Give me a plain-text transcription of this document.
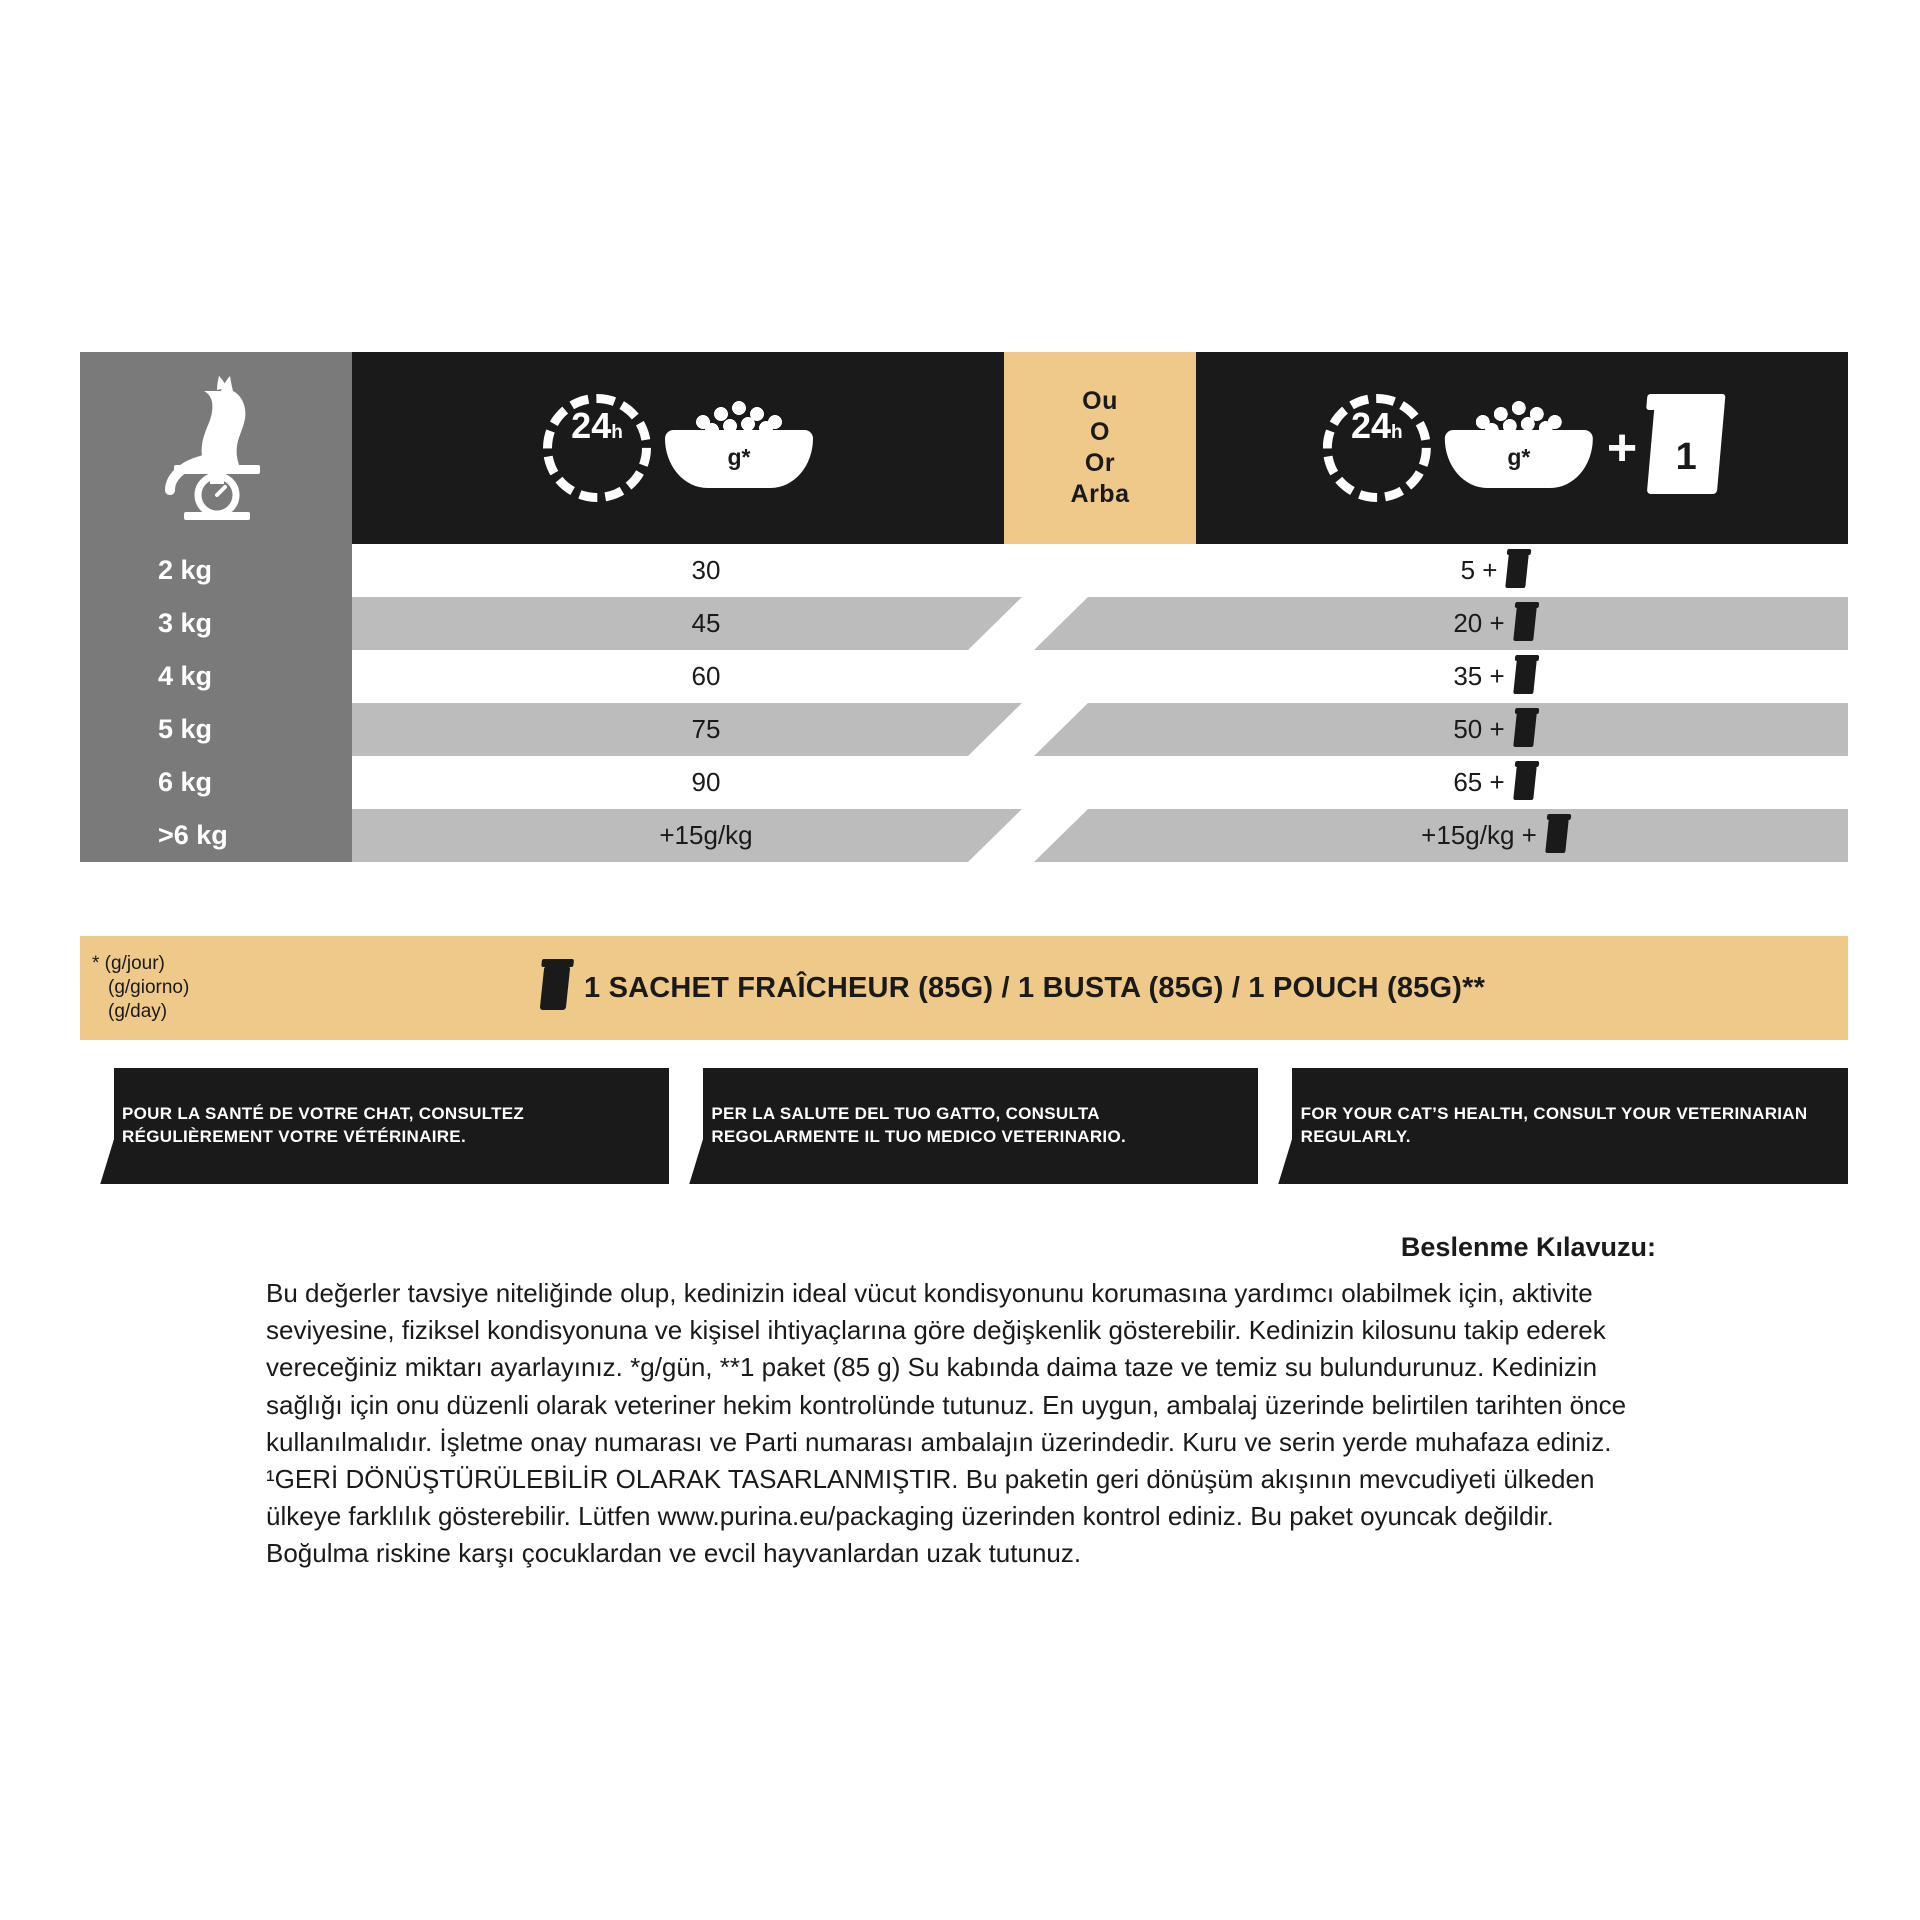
24 h
g*
Ou
O
Or
Arba
24 h
g*	+	1
2 kg	30	5 +
3 kg	45	20 +
4 kg	60	35 +
5 kg	75	50 +
6 kg	90	65 +
>6 kg	+15g/kg	+15g/kg +
* (g/jour)
(g/giorno)
(g/day)
1 SACHET FRAÎCHEUR (85G) / 1 BUSTA (85G) / 1 POUCH (85G)**
POUR LA SANTÉ DE VOTRE CHAT, CONSULTEZ RÉGULIÈREMENT VOTRE VÉTÉRINAIRE.
PER LA SALUTE DEL TUO GATTO, CONSULTA REGOLARMENTE IL TUO MEDICO VETERINARIO.
FOR YOUR CAT’S HEALTH, CONSULT YOUR VETERINARIAN REGULARLY.
Beslenme Kılavuzu:
Bu değerler tavsiye niteliğinde olup, kedinizin ideal vücut kondisyonunu korumasına yardımcı olabilmek için, aktivite seviyesine, fiziksel kondisyonuna ve kişisel ihtiyaçlarına göre değişkenlik gösterebilir. Kedinizin kilosunu takip ederek vereceğiniz miktarı ayarlayınız. *g/gün, **1 paket (85 g) Su kabında daima taze ve temiz su bulundurunuz. Kedinizin sağlığı için onu düzenli olarak veteriner hekim kontrolünde tutunuz. En uygun, ambalaj üzerinde belirtilen tarihten önce kullanılmalıdır. İşletme onay numarası ve Parti numarası ambalajın üzerindedir. Kuru ve serin yerde muhafaza ediniz. ¹GERİ DÖNÜŞTÜRÜLEBİLİR OLARAK TASARLANMIŞTIR. Bu paketin geri dönüşüm akışının mevcudiyeti ülkeden ülkeye farklılık gösterebilir. Lütfen www.purina.eu/packaging üzerinden kontrol ediniz. Bu paket oyuncak değildir. Boğulma riskine karşı çocuklardan ve evcil hayvanlardan uzak tutunuz.
